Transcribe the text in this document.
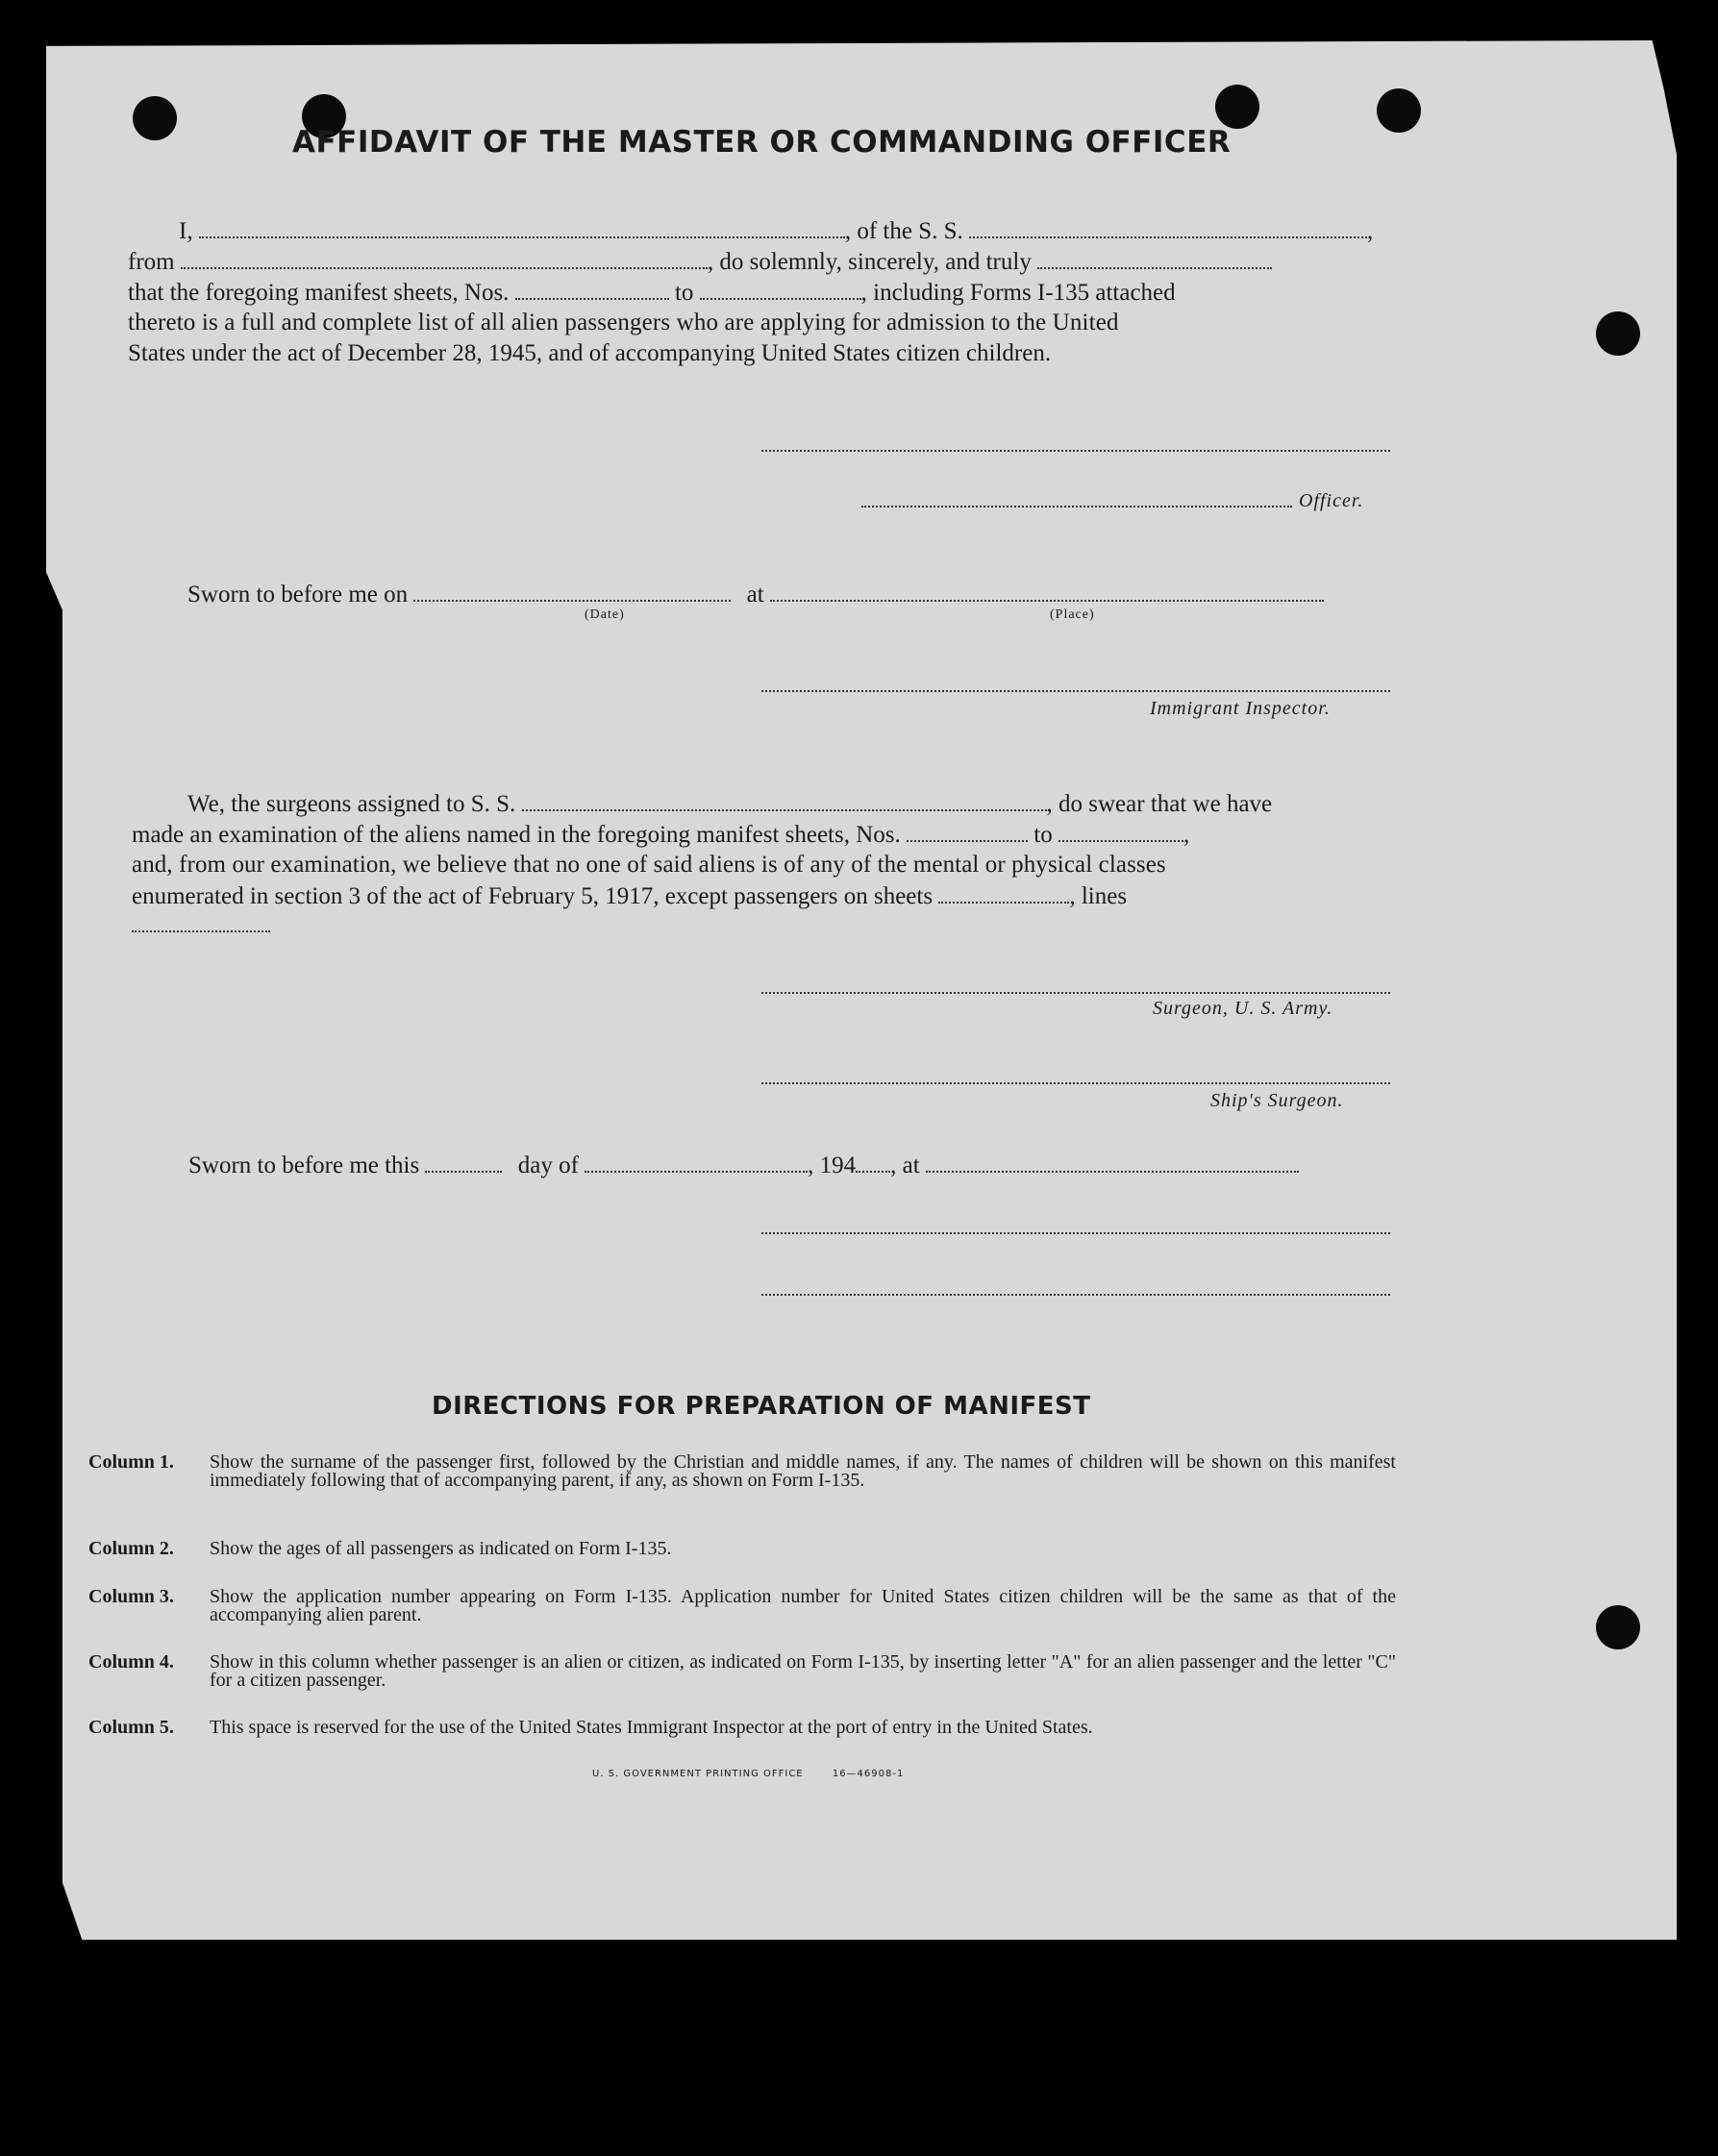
AFFIDAVIT OF THE MASTER OR COMMANDING OFFICER
I,	, of the S. S.	,
from	, do solemnly, sincerely, and truly
that the foregoing manifest sheets, Nos.	to	, including Forms I-135 attached
thereto is a full and complete list of all alien passengers who are applying for admission to the United
States under the act of December 28, 1945, and of accompanying United States citizen children.
Officer.
Sworn to before me on	at
(Date)	(Place)
Immigrant Inspector.
We, the surgeons assigned to S. S.	, do swear that we have
made an examination of the aliens named in the foregoing manifest sheets, Nos.	to	,
and, from our examination, we believe that no one of said aliens is of any of the mental or physical classes
enumerated in section 3 of the act of February 5, 1917, except passengers on sheets	, lines
Surgeon, U. S. Army.
Ship's Surgeon.
Sworn to before me this	day of	, 194 , at
DIRECTIONS FOR PREPARATION OF MANIFEST
Column 1. Show the surname of the passenger first, followed by the Christian and middle names, if any. The names of children will be shown on this manifest immediately following that of accompanying parent, if any, as shown on Form I-135.
Column 2. Show the ages of all passengers as indicated on Form I-135.
Column 3. Show the application number appearing on Form I-135. Application number for United States citizen children will be the same as that of the accompanying alien parent.
Column 4. Show in this column whether passenger is an alien or citizen, as indicated on Form I-135, by inserting letter "A" for an alien passenger and the letter "C" for a citizen passenger.
Column 5. This space is reserved for the use of the United States Immigrant Inspector at the port of entry in the United States.
U. S. GOVERNMENT PRINTING OFFICE	16—46908-1
